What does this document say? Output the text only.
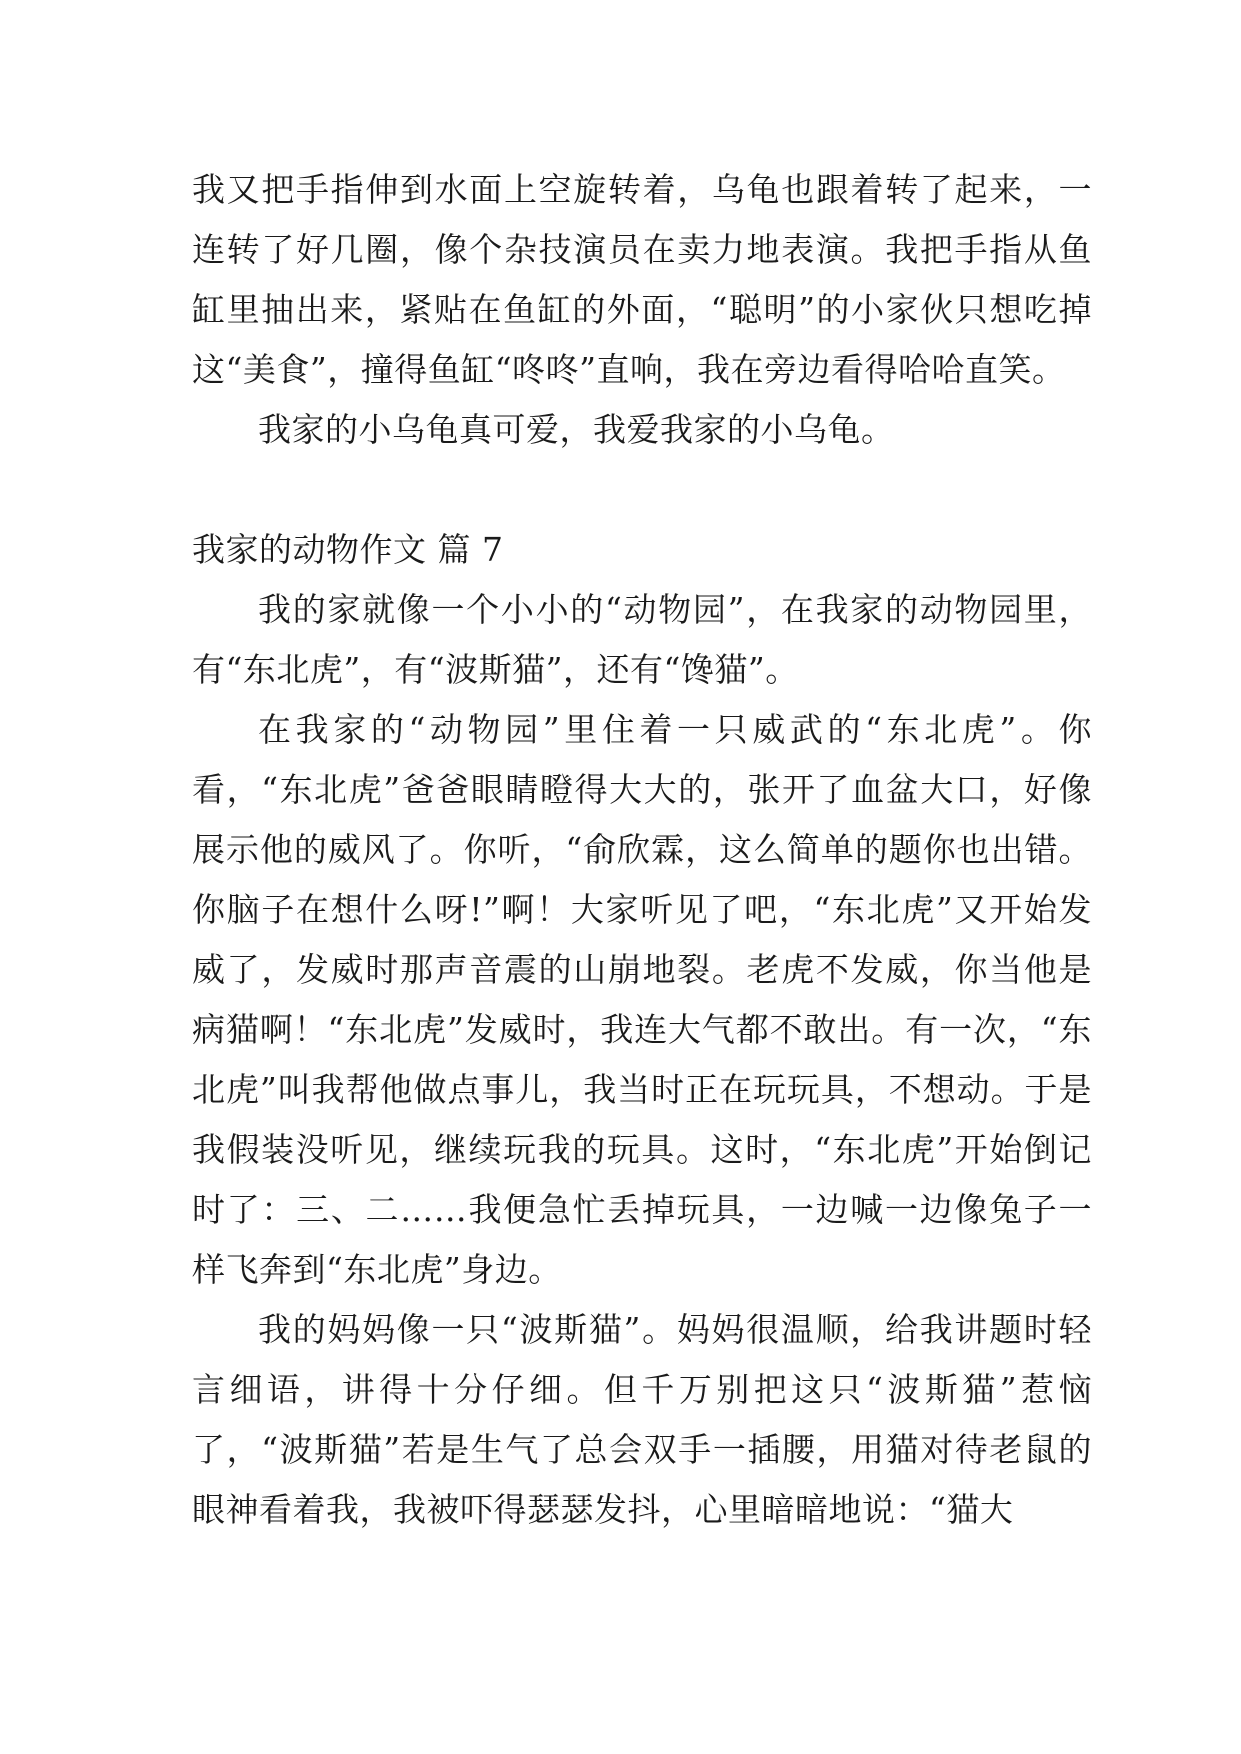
我又把手指伸到水面上空旋转着，乌龟也跟着转了起来，一连转了好几圈，像个杂技演员在卖力地表演。我把手指从鱼缸里抽出来，紧贴在鱼缸的外面，“聪明”的小家伙只想吃掉这“美食”，撞得鱼缸“咚咚”直响，我在旁边看得哈哈直笑。

我家的小乌龟真可爱，我爱我家的小乌龟。

我家的动物作文 篇 7

我的家就像一个小小的“动物园”，在我家的动物园里，有“东北虎”，有“波斯猫”，还有“馋猫”。

在我家的“动物园”里住着一只威武的“东北虎”。你看，“东北虎”爸爸眼睛瞪得大大的，张开了血盆大口，好像展示他的威风了。你听，“俞欣霖，这么简单的题你也出错。你脑子在想什么呀!”啊！大家听见了吧，“东北虎”又开始发威了，发威时那声音震的山崩地裂。老虎不发威，你当他是病猫啊！“东北虎”发威时，我连大气都不敢出。有一次，“东北虎”叫我帮他做点事儿，我当时正在玩玩具，不想动。于是我假装没听见，继续玩我的玩具。这时，“东北虎”开始倒记时了：三、二……我便急忙丢掉玩具，一边喊一边像兔子一样飞奔到“东北虎”身边。

我的妈妈像一只“波斯猫”。妈妈很温顺，给我讲题时轻言细语，讲得十分仔细。但千万别把这只“波斯猫”惹恼了，“波斯猫”若是生气了总会双手一插腰，用猫对待老鼠的眼神看着我，我被吓得瑟瑟发抖，心里暗暗地说：“猫大
